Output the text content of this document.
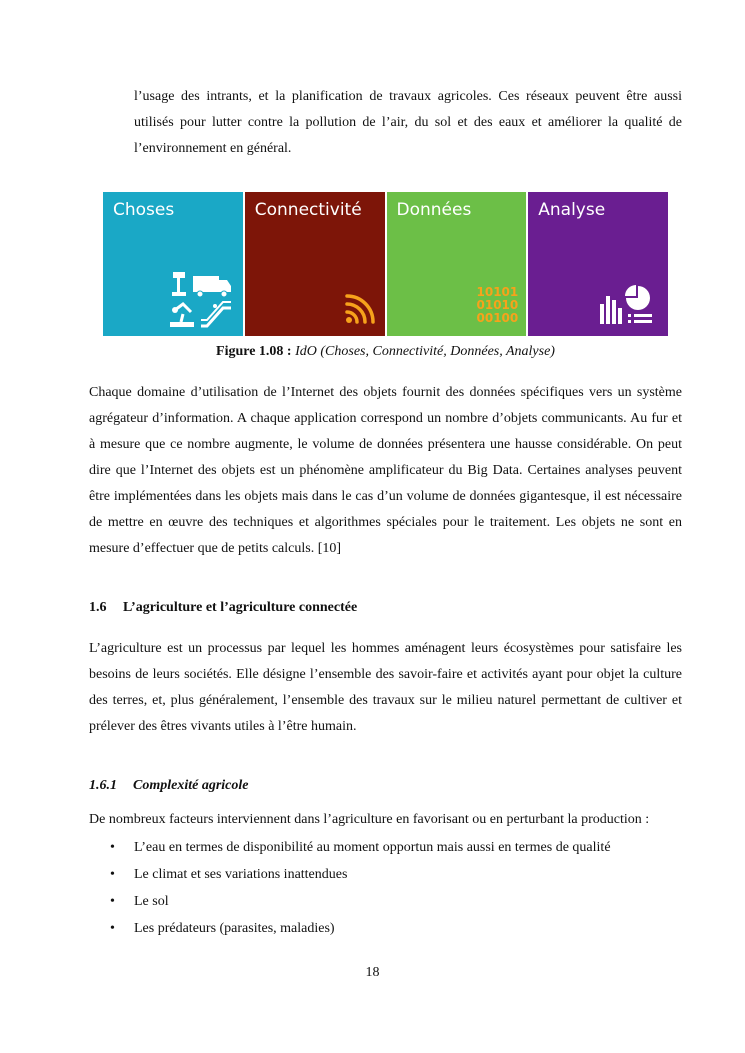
l’usage des intrants, et la planification de travaux agricoles. Ces réseaux peuvent être aussi utilisés pour lutter contre la pollution de l’air, du sol et des eaux et améliorer la qualité de l’environnement en général.

Choses	Connectivité Données
10101
01010
00100
Analyse
Figure 1.08 : IdO (Choses, Connectivité, Données, Analyse)

Chaque domaine d’utilisation de l’Internet des objets fournit des données spécifiques vers un système agrégateur d’information. A chaque application correspond un nombre d’objets communicants. Au fur et à mesure que ce nombre augmente, le volume de données présentera une hausse considérable. On peut dire que l’Internet des objets est un phénomène amplificateur du Big Data. Certaines analyses peuvent être implémentées dans les objets mais dans le cas d’un volume de données gigantesque, il est nécessaire de mettre en œuvre des techniques et algorithmes spéciales pour le traitement. Les objets ne sont en mesure d’effectuer que de petits calculs. [10]

1.6 L’agriculture et l’agriculture connectée

L’agriculture est un processus par lequel les hommes aménagent leurs écosystèmes pour satisfaire les besoins de leurs sociétés. Elle désigne l’ensemble des savoir-faire et activités ayant pour objet la culture des terres, et, plus généralement, l’ensemble des travaux sur le milieu naturel permettant de cultiver et prélever des êtres vivants utiles à l’être humain.

1.6.1 Complexité agricole

De nombreux facteurs interviennent dans l’agriculture en favorisant ou en perturbant la production :

• L’eau en termes de disponibilité au moment opportun mais aussi en termes de qualité
• Le climat et ses variations inattendues
• Le sol
• Les prédateurs (parasites, maladies)
18
